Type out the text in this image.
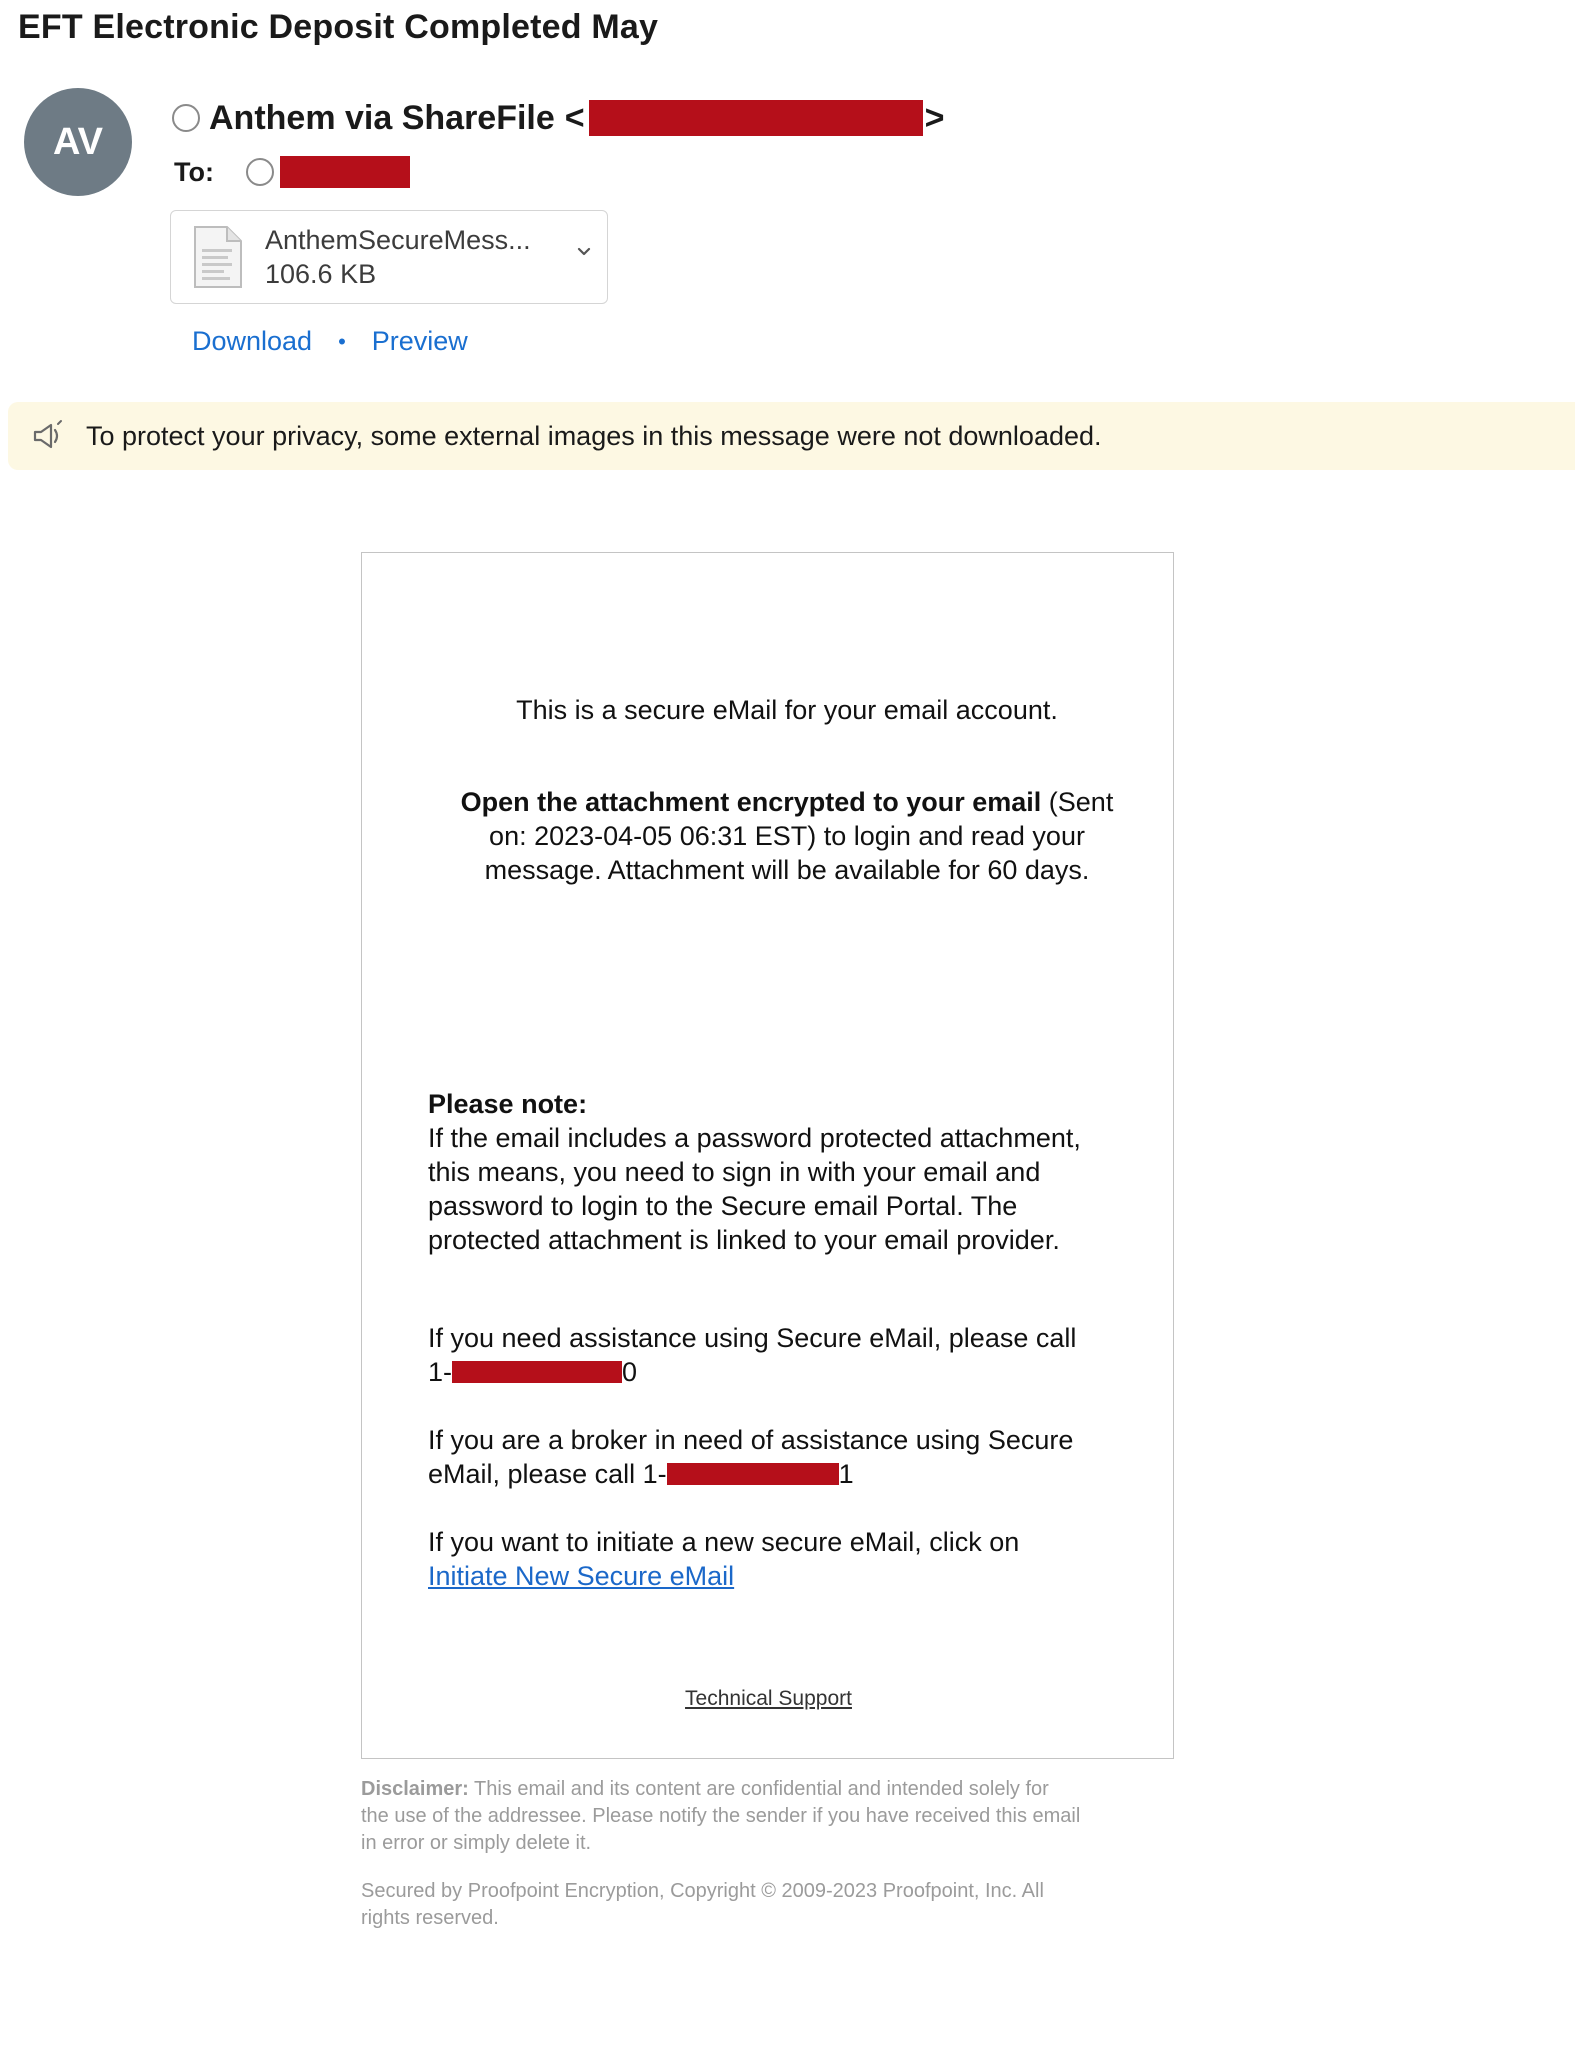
EFT Electronic Deposit Completed May
AV
Anthem via ShareFile <	>
To:
AnthemSecureMess...
106.6 KB
Download • Preview
To protect your privacy, some external images in this message were not downloaded.
This is a secure eMail for your email account.
Open the attachment encrypted to your email (Sent
on: 2023-04-05 06:31 EST) to login and read your
message. Attachment will be available for 60 days.
Please note:
If the email includes a password protected attachment,
this means, you need to sign in with your email and
password to login to the Secure email Portal. The
protected attachment is linked to your email provider.
If you need assistance using Secure eMail, please call
1-	0
If you are a broker in need of assistance using Secure
eMail, please call 1-	1
If you want to initiate a new secure eMail, click on
Initiate New Secure eMail
Technical Support
Disclaimer: This email and its content are confidential and intended solely for
the use of the addressee. Please notify the sender if you have received this email
in error or simply delete it.
Secured by Proofpoint Encryption, Copyright © 2009-2023 Proofpoint, Inc. All
rights reserved.
